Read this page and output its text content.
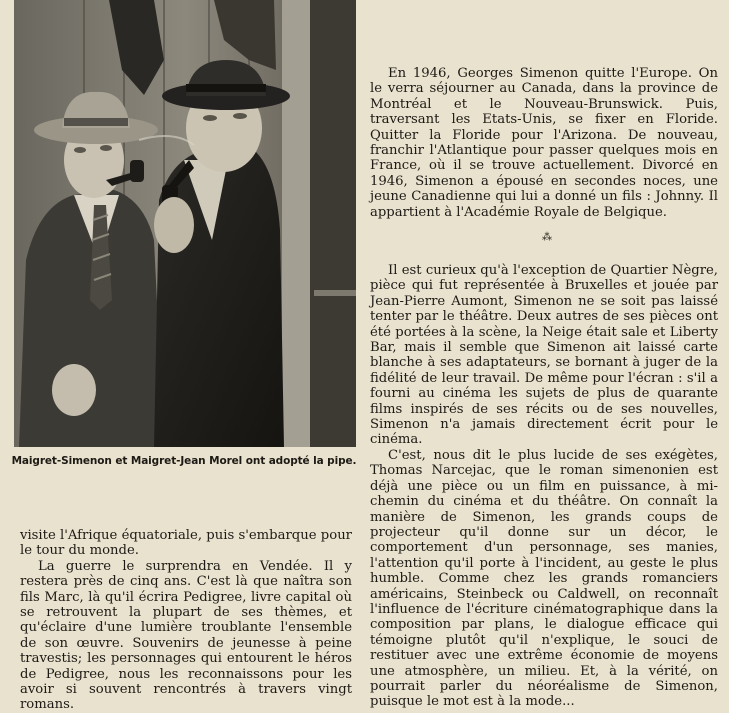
Maigret-Simenon et Maigret-Jean Morel ont adopté la pipe.

visite l'Afrique équatoriale, puis s'embarque pour le tour du monde.

La guerre le surprendra en Vendée. Il y restera près de cinq ans. C'est là que naîtra son fils Marc, là qu'il écrira Pedigree, livre capital où se retrouvent la plupart de ses thèmes, et qu'éclaire d'une lumière troublante l'ensemble de son œuvre. Souvenirs de jeunesse à peine travestis; les personnages qui entourent le héros de Pedigree, nous les reconnaissons pour les avoir si souvent rencontrés à travers vingt romans.

En 1946, Georges Simenon quitte l'Europe. On le verra séjourner au Canada, dans la province de Montréal et le Nouveau-Brunswick. Puis, traversant les Etats-Unis, se fixer en Floride. Quitter la Floride pour l'Arizona. De nouveau, franchir l'Atlantique pour passer quelques mois en France, où il se trouve actuellement. Divorcé en 1946, Simenon a épousé en secondes noces, une jeune Canadienne qui lui a donné un fils : Johnny. Il appartient à l'Académie Royale de Belgique.

⁂

Il est curieux qu'à l'exception de Quartier Nègre, pièce qui fut représentée à Bruxelles et jouée par Jean-Pierre Aumont, Simenon ne se soit pas laissé tenter par le théâtre. Deux autres de ses pièces ont été portées à la scène, la Neige était sale et Liberty Bar, mais il semble que Simenon ait laissé carte blanche à ses adaptateurs, se bornant à juger de la fidélité de leur travail. De même pour l'écran : s'il a fourni au cinéma les sujets de plus de quarante films inspirés de ses récits ou de ses nouvelles, Simenon n'a jamais directement écrit pour le cinéma.

C'est, nous dit le plus lucide de ses exégètes, Thomas Narcejac, que le roman simenonien est déjà une pièce ou un film en puissance, à mi-chemin du cinéma et du théâtre. On connaît la manière de Simenon, les grands coups de projecteur qu'il donne sur un décor, le comportement d'un personnage, ses manies, l'attention qu'il porte à l'incident, au geste le plus humble. Comme chez les grands romanciers américains, Steinbeck ou Caldwell, on reconnaît l'influence de l'écriture cinématographique dans la composition par plans, le dialogue efficace qui témoigne plutôt qu'il n'explique, le souci de restituer avec une extrême économie de moyens une atmosphère, un milieu. Et, à la vérité, on pourrait parler du néoréalisme de Simenon, puisque le mot est à la mode...
